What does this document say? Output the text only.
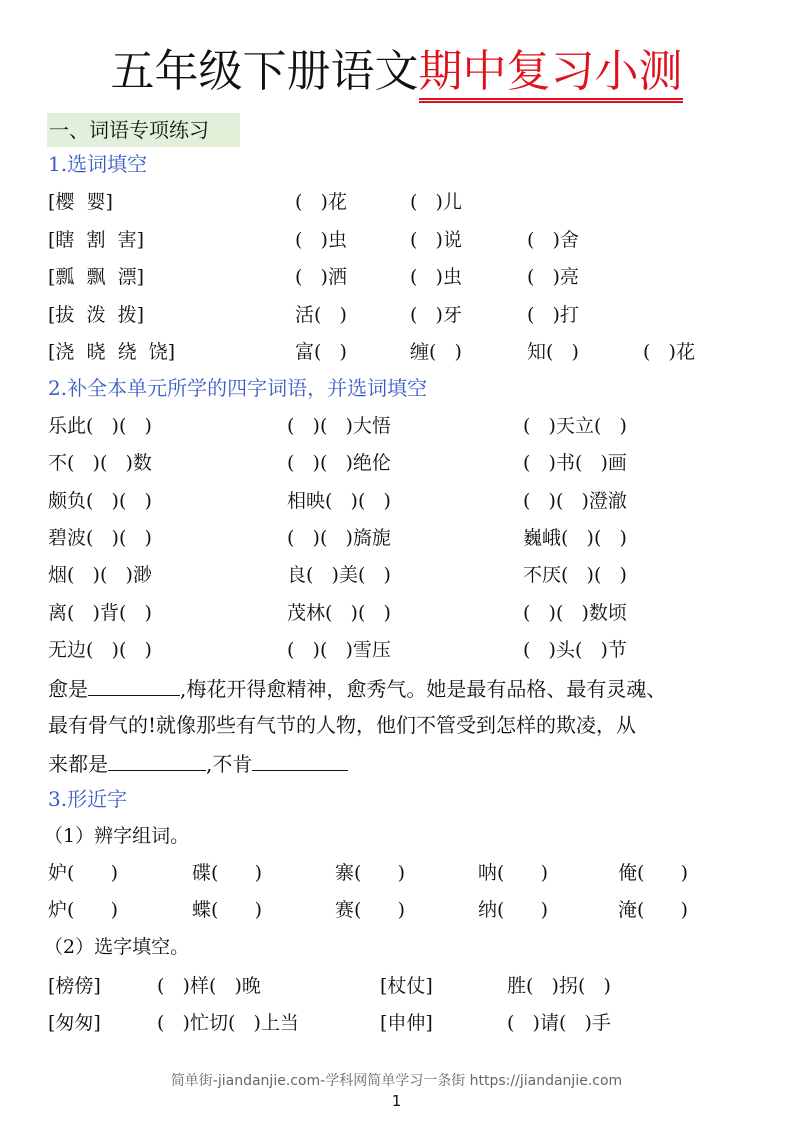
五年级下册语文期中复习小测
一、词语专项练习
1.选词填空
[樱  婴]	(   )花	(   )儿
[瞎  割  害]	(   )虫	(   )说	(   )舍
[瓢  飘  漂]	(   )洒	(   )虫	(   )亮
[拔  泼  拨]	活(   )	(   )牙	(   )打
[浇  晓  绕  饶]	富(   )	缠(   )	知(   )	(   )花
2.补全本单元所学的四字词语，并选词填空
乐此(   )(   )	(   )(   )大悟	(   )天立(   )
不(   )(   )数	(   )(   )绝伦	(   )书(   )画
颇负(   )(   )	相映(   )(   )	(   )(   )澄澈
碧波(   )(   )	(   )(   )旖旎	巍峨(   )(   )
烟(   )(   )渺	良(   )美(   )	不厌(   )(   )
离(   )背(   )	茂林(   )(   )	(   )(   )数顷
无边(   )(   )	(   )(   )雪压	(   )头(   )节
愈是	,梅花开得愈精神，愈秀气。她是最有品格、最有灵魂、
最有骨气的!就像那些有气节的人物，他们不管受到怎样的欺凌，从
来都是	,不肯
3.形近字
（1）辨字组词。
妒(      )	碟(      )	寨(      )	呐(      )	俺(      )
炉(      )	蝶(      )	赛(      )	纳(      )	淹(      )
（2）选字填空。
[榜傍]	(   )样(   )晚	[杖仗]	胜(   )拐(   )
[匆匆]	(   )忙切(   )上当	[申伸]	(   )请(   )手
简单街-jiandanjie.com-学科网简单学习一条街 https://jiandanjie.com
1
